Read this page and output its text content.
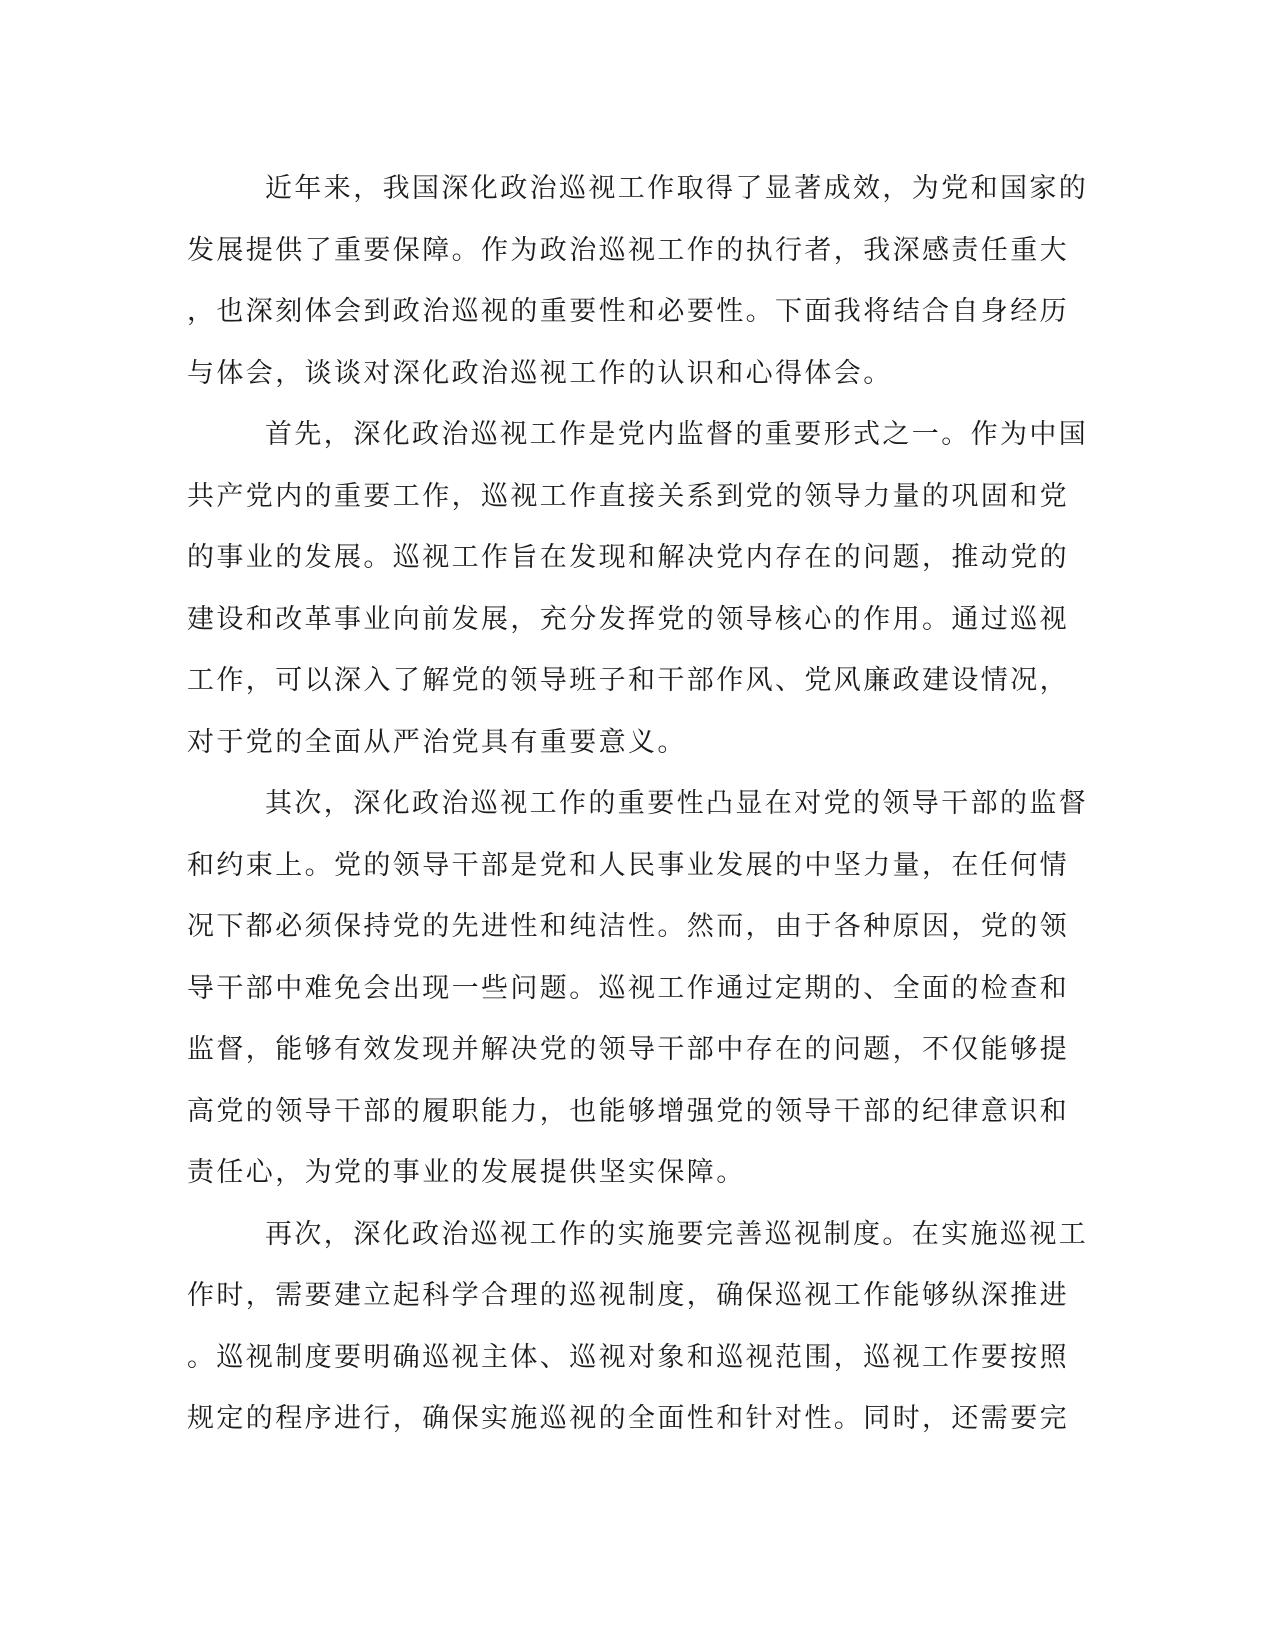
近年来，我国深化政治巡视工作取得了显著成效，为党和国家的
发展提供了重要保障。作为政治巡视工作的执行者，我深感责任重大
，也深刻体会到政治巡视的重要性和必要性。下面我将结合自身经历
与体会，谈谈对深化政治巡视工作的认识和心得体会。
首先，深化政治巡视工作是党内监督的重要形式之一。作为中国
共产党内的重要工作，巡视工作直接关系到党的领导力量的巩固和党
的事业的发展。巡视工作旨在发现和解决党内存在的问题，推动党的
建设和改革事业向前发展，充分发挥党的领导核心的作用。通过巡视
工作，可以深入了解党的领导班子和干部作风、党风廉政建设情况，
对于党的全面从严治党具有重要意义。
其次，深化政治巡视工作的重要性凸显在对党的领导干部的监督
和约束上。党的领导干部是党和人民事业发展的中坚力量，在任何情
况下都必须保持党的先进性和纯洁性。然而，由于各种原因，党的领
导干部中难免会出现一些问题。巡视工作通过定期的、全面的检查和
监督，能够有效发现并解决党的领导干部中存在的问题，不仅能够提
高党的领导干部的履职能力，也能够增强党的领导干部的纪律意识和
责任心，为党的事业的发展提供坚实保障。
再次，深化政治巡视工作的实施要完善巡视制度。在实施巡视工
作时，需要建立起科学合理的巡视制度，确保巡视工作能够纵深推进
。巡视制度要明确巡视主体、巡视对象和巡视范围，巡视工作要按照
规定的程序进行，确保实施巡视的全面性和针对性。同时，还需要完
